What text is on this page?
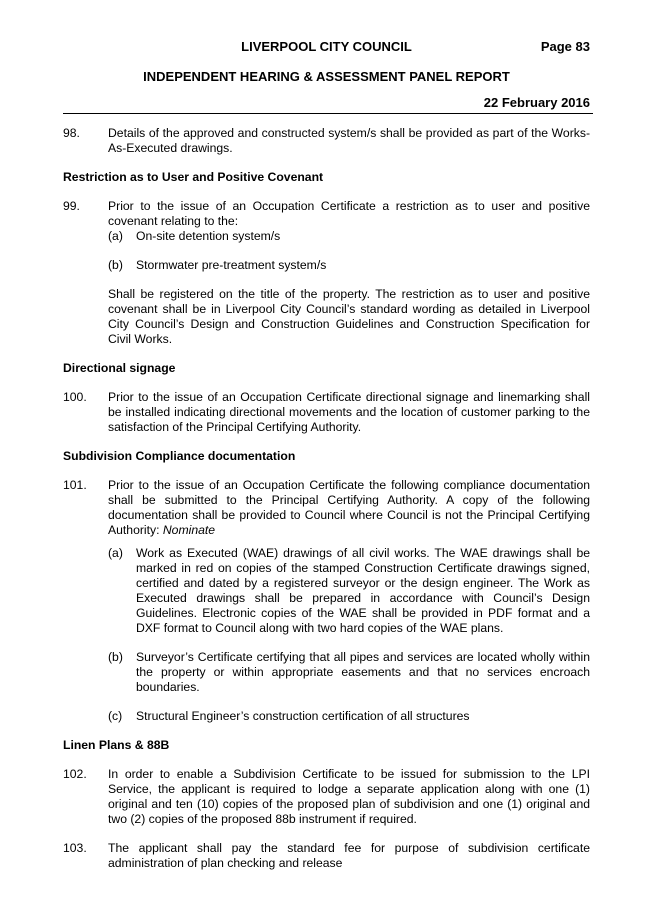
LIVERPOOL CITY COUNCIL	Page 83
INDEPENDENT HEARING & ASSESSMENT PANEL REPORT
22 February 2016
98.	Details of the approved and constructed system/s shall be provided as part of the Works-As-Executed drawings.
Restriction as to User and Positive Covenant
99.	Prior to the issue of an Occupation Certificate a restriction as to user and positive covenant relating to the:

(a)	On-site detention system/s
(b)	Stormwater pre-treatment system/s

Shall be registered on the title of the property. The restriction as to user and positive covenant shall be in Liverpool City Council’s standard wording as detailed in Liverpool City Council’s Design and Construction Guidelines and Construction Specification for Civil Works.

Directional signage
100.	Prior to the issue of an Occupation Certificate directional signage and linemarking shall be installed indicating directional movements and the location of customer parking to the satisfaction of the Principal Certifying Authority.
Subdivision Compliance documentation
101.	Prior to the issue of an Occupation Certificate the following compliance documentation shall be submitted to the Principal Certifying Authority. A copy of the following documentation shall be provided to Council where Council is not the Principal Certifying Authority: Nominate

(a)	Work as Executed (WAE) drawings of all civil works. The WAE drawings shall be marked in red on copies of the stamped Construction Certificate drawings signed, certified and dated by a registered surveyor or the design engineer. The Work as Executed drawings shall be prepared in accordance with Council’s Design Guidelines. Electronic copies of the WAE shall be provided in PDF format and a DXF format to Council along with two hard copies of the WAE plans.
(b)	Surveyor’s Certificate certifying that all pipes and services are located wholly within the property or within appropriate easements and that no services encroach boundaries.
(c)	Structural Engineer’s construction certification of all structures
Linen Plans & 88B
102.	In order to enable a Subdivision Certificate to be issued for submission to the LPI Service, the applicant is required to lodge a separate application along with one (1) original and ten (10) copies of the proposed plan of subdivision and one (1) original and two (2) copies of the proposed 88b instrument if required.
103.	The applicant shall pay the standard fee for purpose of subdivision certificate administration of plan checking and release
